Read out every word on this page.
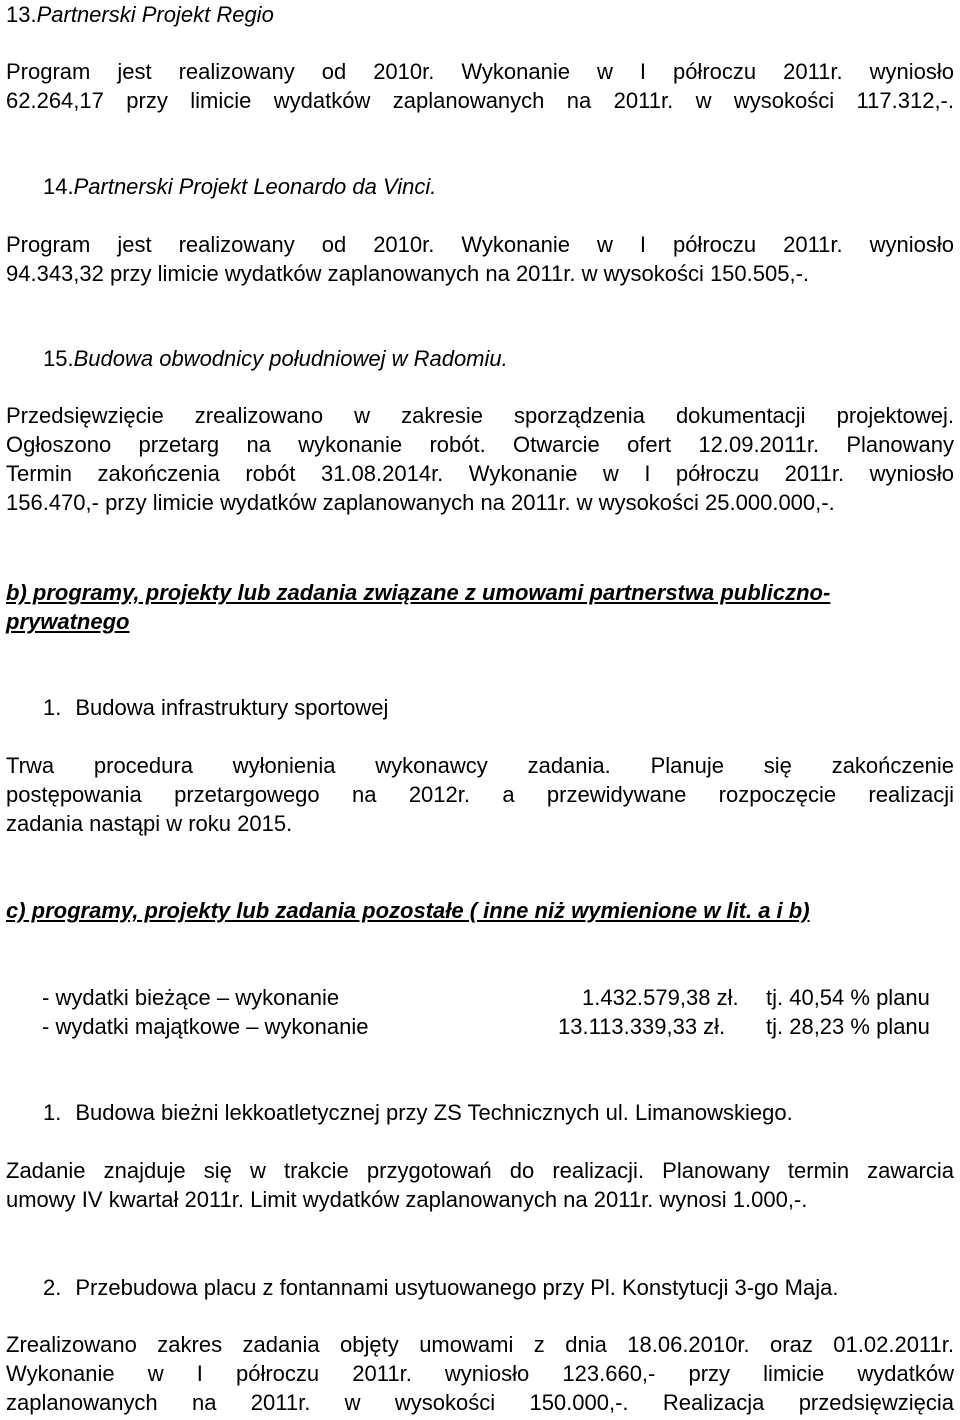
13.Partnerski Projekt Regio
Program jest realizowany od 2010r. Wykonanie w I półroczu 2011r. wyniosło
62.264,17 przy limicie wydatków zaplanowanych na 2011r. w wysokości 117.312,-.
14.Partnerski Projekt Leonardo da Vinci.
Program jest realizowany od 2010r. Wykonanie w I półroczu 2011r. wyniosło
94.343,32 przy limicie wydatków zaplanowanych na 2011r. w wysokości 150.505,-.
15.Budowa obwodnicy południowej w Radomiu.
Przedsięwzięcie zrealizowano w zakresie sporządzenia dokumentacji projektowej.
Ogłoszono przetarg na wykonanie robót. Otwarcie ofert 12.09.2011r. Planowany
Termin zakończenia robót 31.08.2014r. Wykonanie w I półroczu 2011r. wyniosło
156.470,- przy limicie wydatków zaplanowanych na 2011r. w wysokości 25.000.000,-.
b) programy, projekty lub zadania związane z umowami partnerstwa publiczno-
prywatnego
1. Budowa infrastruktury sportowej
Trwa procedura wyłonienia wykonawcy zadania. Planuje się zakończenie
postępowania przetargowego na 2012r. a przewidywane rozpoczęcie realizacji
zadania nastąpi w roku 2015.
c) programy, projekty lub zadania pozostałe ( inne niż wymienione w lit. a i b)
- wydatki bieżące – wykonanie	1.432.579,38 zł. tj. 40,54 % planu
- wydatki majątkowe – wykonanie	13.113.339,33 zł. tj. 28,23 % planu
1. Budowa bieżni lekkoatletycznej przy ZS Technicznych ul. Limanowskiego.
Zadanie znajduje się w trakcie przygotowań do realizacji. Planowany termin zawarcia
umowy IV kwartał 2011r. Limit wydatków zaplanowanych na 2011r. wynosi 1.000,-.
2. Przebudowa placu z fontannami usytuowanego przy Pl. Konstytucji 3-go Maja.
Zrealizowano zakres zadania objęty umowami z dnia 18.06.2010r. oraz 01.02.2011r.
Wykonanie w I półroczu 2011r. wyniosło 123.660,- przy limicie wydatków
zaplanowanych na 2011r. w wysokości 150.000,-. Realizacja przedsięwzięcia
